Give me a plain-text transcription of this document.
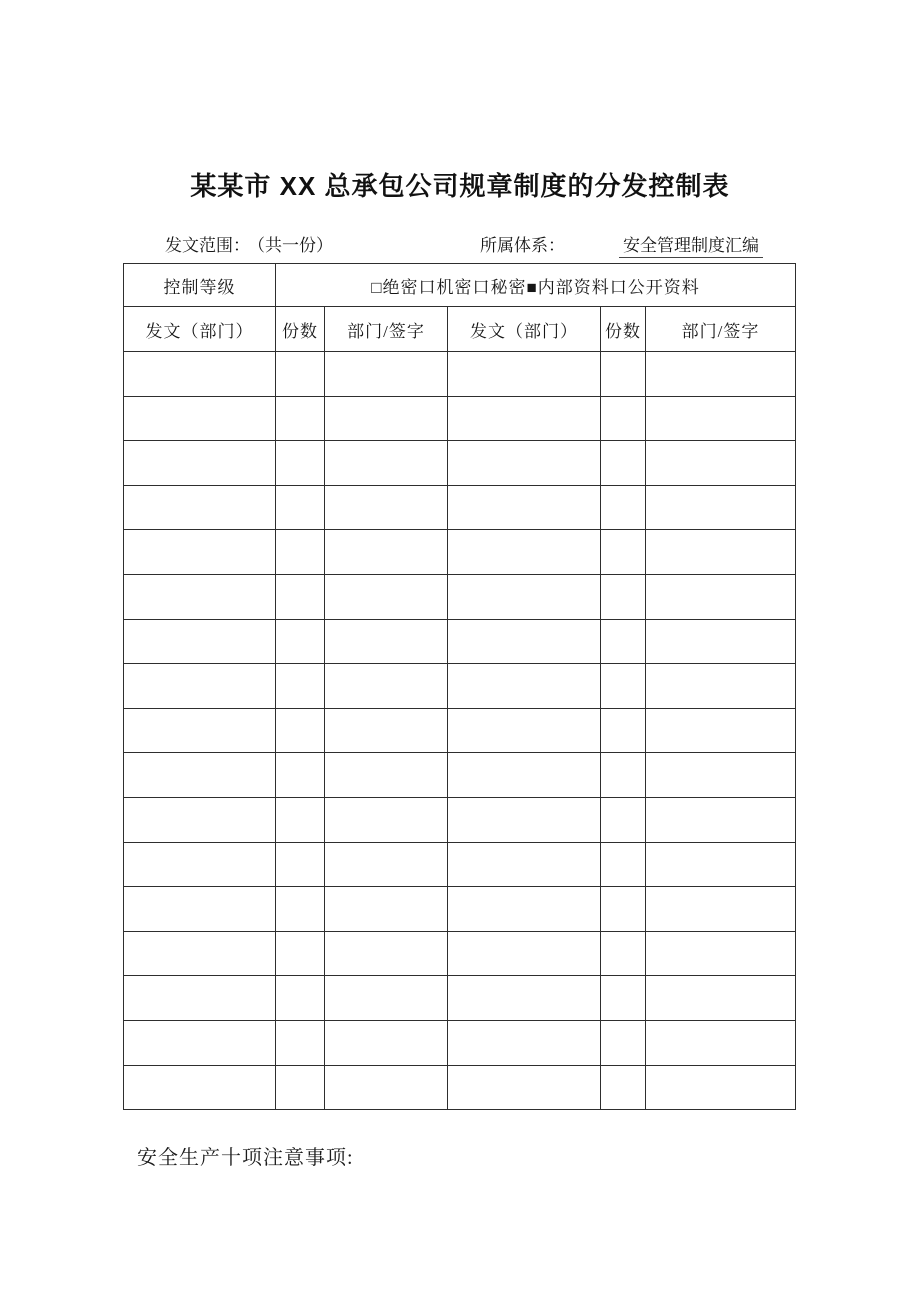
某某市 XX 总承包公司规章制度的分发控制表
发文范围：
（共一份）	所属体系：	安全管理制度汇编
控制等级	□绝密口机密口秘密■内部资料口公开资料				
发文（部门）	份数	部门/签字	发文（部门）	份数	部门/签字

安全生产十项注意事项:
